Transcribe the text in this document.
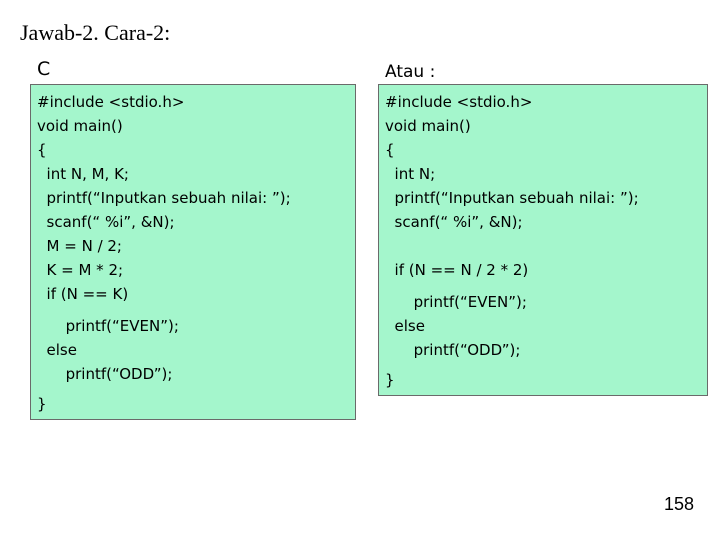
Jawab-2. Cara-2:
C	Atau :
#include <stdio.h>
void main()
{
int N, M, K;
printf(“Inputkan sebuah nilai: ”);
scanf(“ %i”, &N);
M = N / 2;
K = M * 2;
if (N == K)
printf(“EVEN”);
else
printf(“ODD”);
}
#include <stdio.h>
void main()
{
int N;
printf(“Inputkan sebuah nilai: ”);
scanf(“ %i”, &N);
if (N == N / 2 * 2)
printf(“EVEN”);
else
printf(“ODD”);
}
158
